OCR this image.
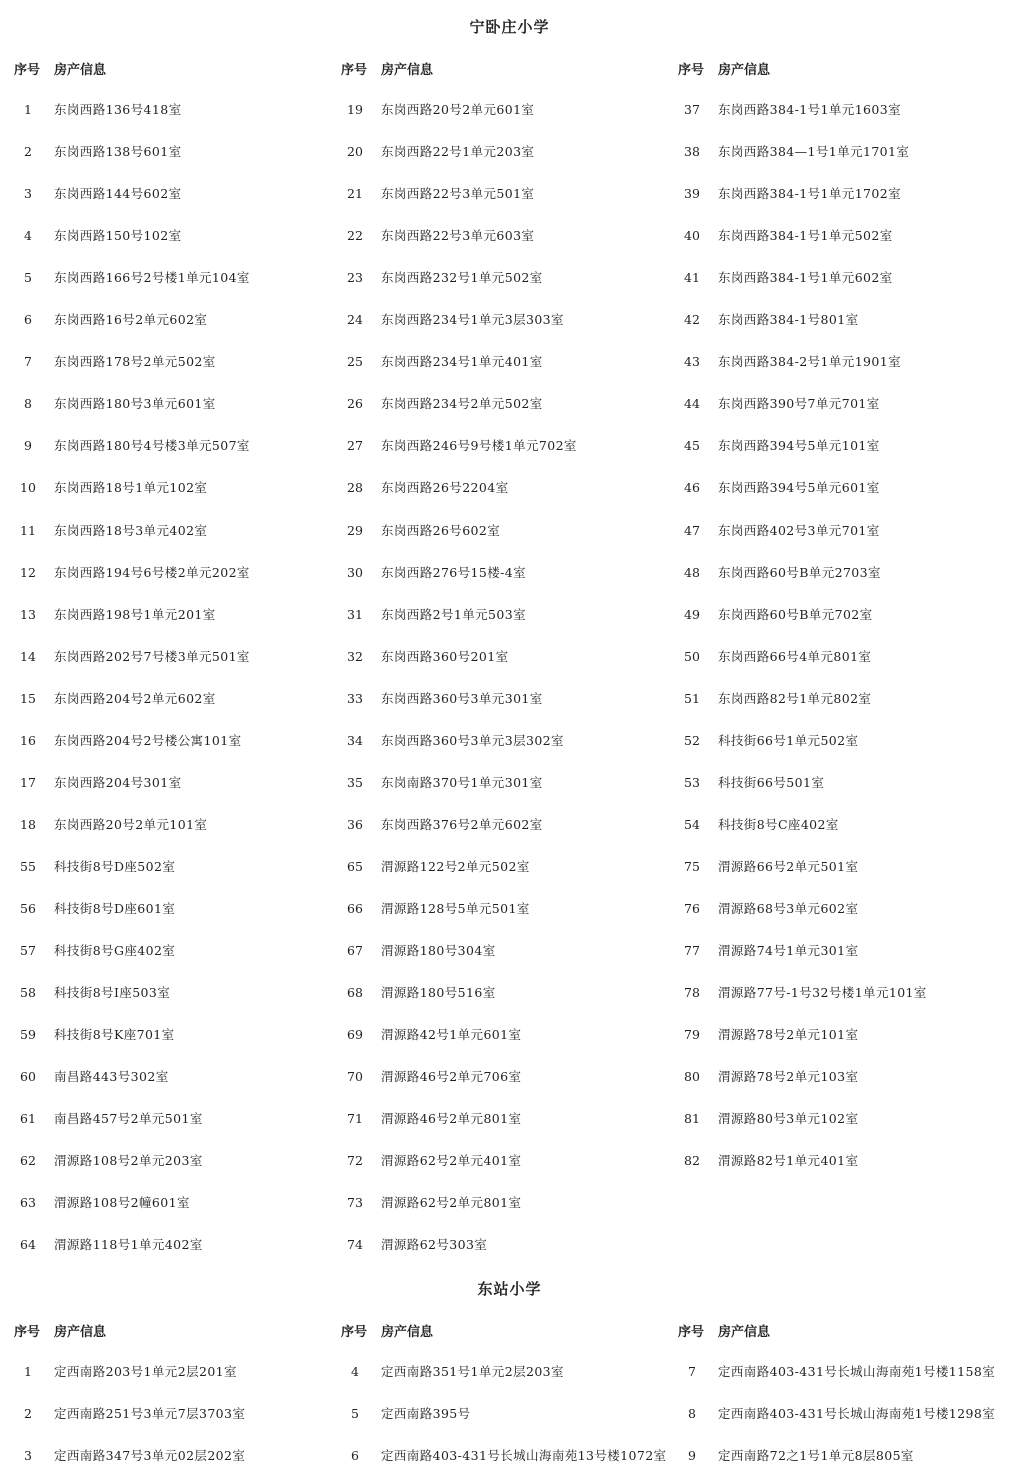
宁卧庄小学
序号 房产信息
1	东岗西路136号418室
2	东岗西路138号601室
3	东岗西路144号602室
4	东岗西路150号102室
5	东岗西路166号2号楼1单元104室
6	东岗西路16号2单元602室
7	东岗西路178号2单元502室
8	东岗西路180号3单元601室
9	东岗西路180号4号楼3单元507室
10	东岗西路18号1单元102室
11	东岗西路18号3单元402室
12	东岗西路194号6号楼2单元202室
13	东岗西路198号1单元201室
14	东岗西路202号7号楼3单元501室
15	东岗西路204号2单元602室
16	东岗西路204号2号楼公寓101室
17	东岗西路204号301室
18	东岗西路20号2单元101室
55	科技街8号D座502室
56	科技街8号D座601室
57	科技街8号G座402室
58	科技街8号I座503室
59	科技街8号K座701室
60	南昌路443号302室
61	南昌路457号2单元501室
62	渭源路108号2单元203室
63	渭源路108号2幢601室
64	渭源路118号1单元402室
序号 房产信息
19	东岗西路20号2单元601室
20	东岗西路22号1单元203室
21	东岗西路22号3单元501室
22	东岗西路22号3单元603室
23	东岗西路232号1单元502室
24	东岗西路234号1单元3层303室
25	东岗西路234号1单元401室
26	东岗西路234号2单元502室
27	东岗西路246号9号楼1单元702室
28	东岗西路26号2204室
29	东岗西路26号602室
30	东岗西路276号15楼-4室
31	东岗西路2号1单元503室
32	东岗西路360号201室
33	东岗西路360号3单元301室
34	东岗西路360号3单元3层302室
35	东岗南路370号1单元301室
36	东岗西路376号2单元602室
65	渭源路122号2单元502室
66	渭源路128号5单元501室
67	渭源路180号304室
68	渭源路180号516室
69	渭源路42号1单元601室
70	渭源路46号2单元706室
71	渭源路46号2单元801室
72	渭源路62号2单元401室
73	渭源路62号2单元801室
74	渭源路62号303室
序号 房产信息
37	东岗西路384-1号1单元1603室
38	东岗西路384—1号1单元1701室
39	东岗西路384-1号1单元1702室
40	东岗西路384-1号1单元502室
41	东岗西路384-1号1单元602室
42	东岗西路384-1号801室
43	东岗西路384-2号1单元1901室
44	东岗西路390号7单元701室
45	东岗西路394号5单元101室
46	东岗西路394号5单元601室
47	东岗西路402号3单元701室
48	东岗西路60号B单元2703室
49	东岗西路60号B单元702室
50	东岗西路66号4单元801室
51	东岗西路82号1单元802室
52	科技街66号1单元502室
53	科技街66号501室
54	科技街8号C座402室
75	渭源路66号2单元501室
76	渭源路68号3单元602室
77	渭源路74号1单元301室
78	渭源路77号-1号32号楼1单元101室
79	渭源路78号2单元101室
80	渭源路78号2单元103室
81	渭源路80号3单元102室
82	渭源路82号1单元401室
东站小学
序号 房产信息
1	定西南路203号1单元2层201室
2	定西南路251号3单元7层3703室
3	定西南路347号3单元02层202室
序号 房产信息
4	定西南路351号1单元2层203室
5	定西南路395号
6	定西南路403-431号长城山海南苑13号楼1072室
序号 房产信息
7	定西南路403-431号长城山海南苑1号楼1158室
8	定西南路403-431号长城山海南苑1号楼1298室
9	定西南路72之1号1单元8层805室
